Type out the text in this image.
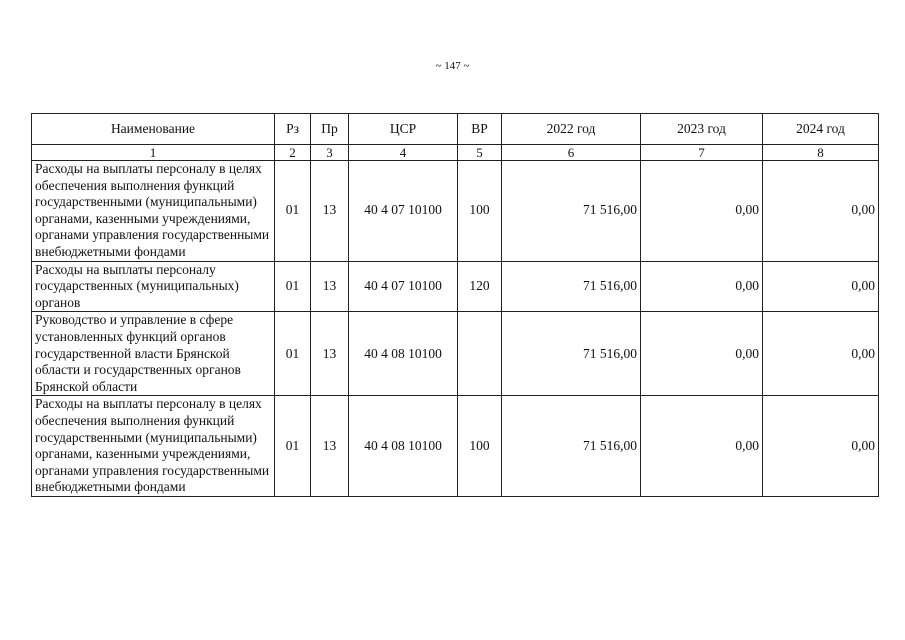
~ 147 ~
Наименование	Рз	Пр	ЦСР	ВР	2022 год	2023 год	2024 год
1	2	3	4	5	6	7	8
Расходы на выплаты персоналу в целях обеспечения выполнения функций государственными (муниципальными) органами, казенными учреждениями, органами управления государственными внебюджетными фондами	01	13	40 4 07 10100	100	71 516,00	0,00	0,00
Расходы на выплаты персоналу государственных (муниципальных) органов	01	13	40 4 07 10100	120	71 516,00	0,00	0,00
Руководство и управление в сфере установленных функций органов государственной власти Брянской области и государственных органов Брянской области	01	13	40 4 08 10100		71 516,00	0,00	0,00
Расходы на выплаты персоналу в целях обеспечения выполнения функций государственными (муниципальными) органами, казенными учреждениями, органами управления государственными внебюджетными фондами	01	13	40 4 08 10100	100	71 516,00	0,00	0,00
